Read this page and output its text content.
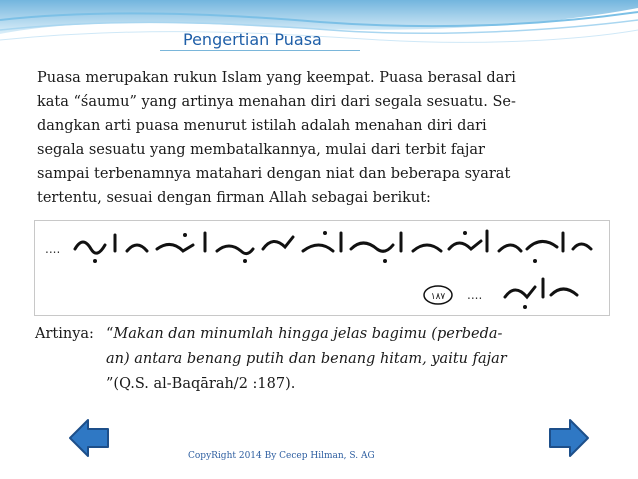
Pengertian Puasa
Puasa merupakan rukun Islam yang keempat. Puasa berasal dari
kata “śaumu” yang artinya menahan diri dari segala sesuatu. Se-
dangkan arti puasa menurut istilah adalah menahan diri dari
segala sesuatu yang membatalkannya, mulai dari terbit fajar
sampai terbenamnya matahari dengan niat dan beberapa syarat
tertentu, sesuai dengan firman Allah sebagai berikut:
....
١٨٧ ....
Artinya: “Makan dan minumlah hingga jelas bagimu (perbeda-
an) antara benang putih dan benang hitam, yaitu fajar
”(Q.S. al-Baqārah/2 :187).
CopyRight 2014 By Cecep Hilman, S. AG
